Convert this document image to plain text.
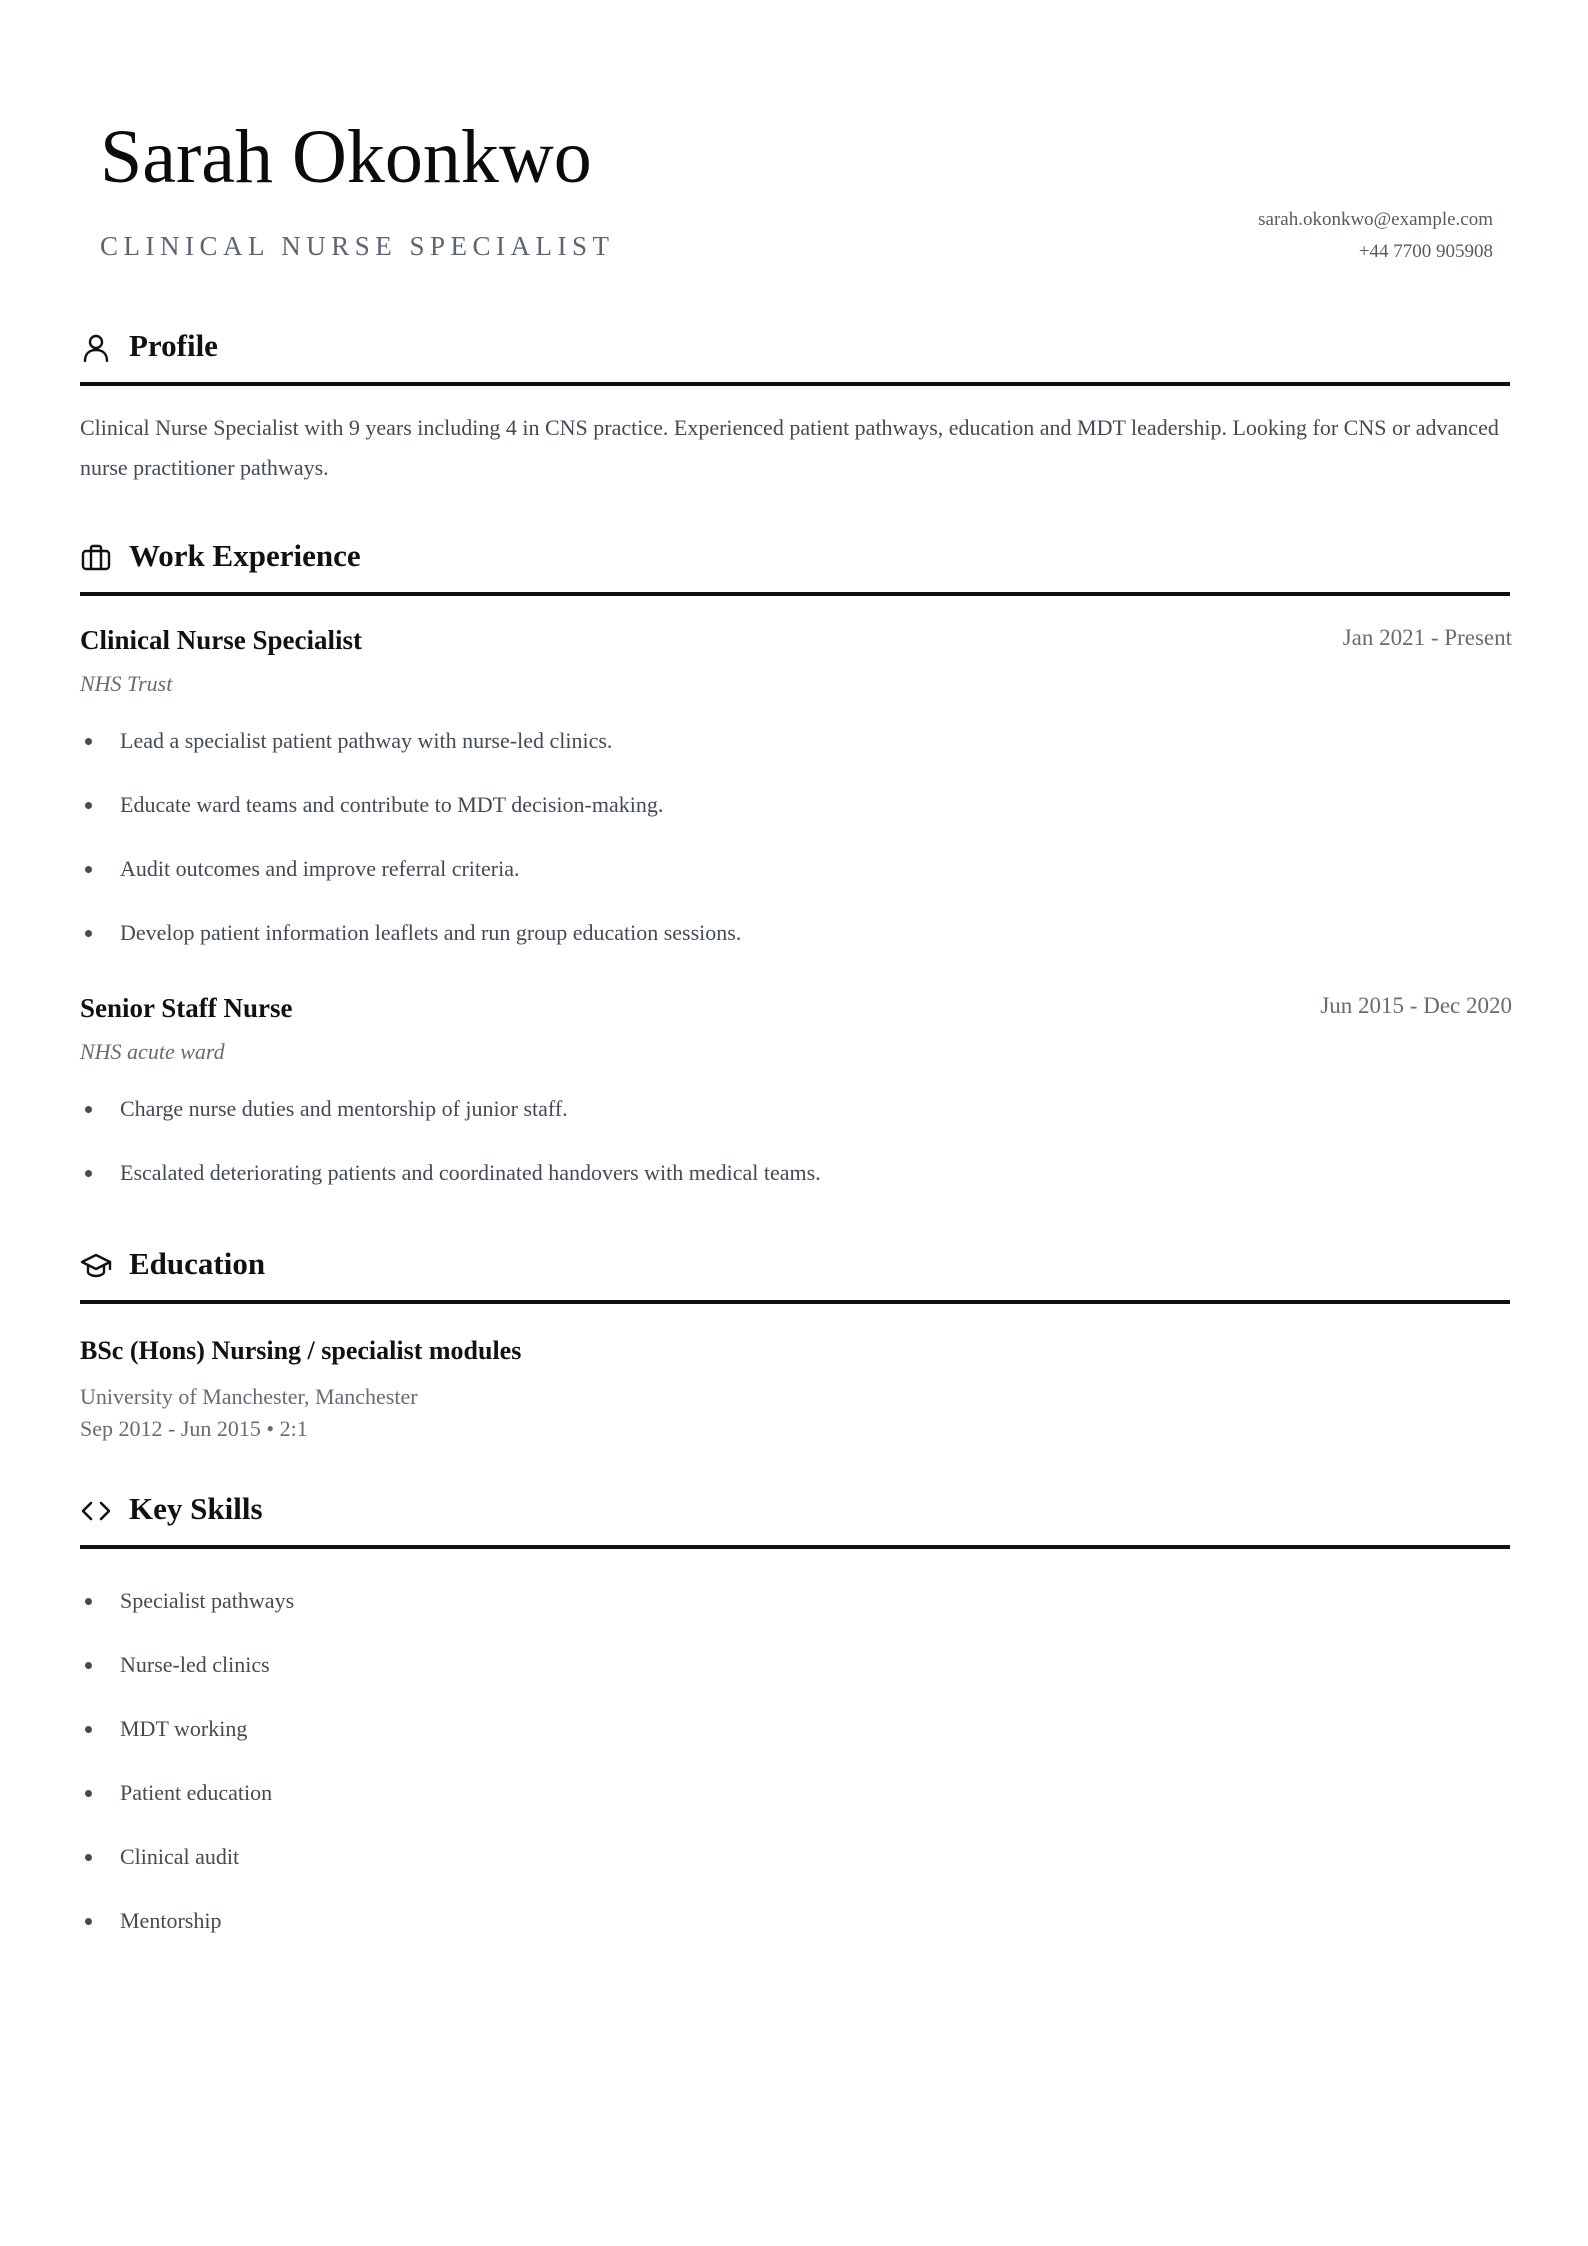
Sarah Okonkwo
CLINICAL NURSE SPECIALIST
sarah.okonkwo@example.com
+44 7700 905908
Profile
Clinical Nurse Specialist with 9 years including 4 in CNS practice. Experienced patient pathways, education and MDT leadership. Looking for CNS or advanced nurse practitioner pathways.
Work Experience
Clinical Nurse Specialist	Jan 2021 - Present
NHS Trust
Lead a specialist patient pathway with nurse-led clinics.
Educate ward teams and contribute to MDT decision-making.
Audit outcomes and improve referral criteria.
Develop patient information leaflets and run group education sessions.
Senior Staff Nurse	Jun 2015 - Dec 2020
NHS acute ward
Charge nurse duties and mentorship of junior staff.
Escalated deteriorating patients and coordinated handovers with medical teams.
Education
BSc (Hons) Nursing / specialist modules
University of Manchester, Manchester
Sep 2012 - Jun 2015 • 2:1
Key Skills
Specialist pathways
Nurse-led clinics
MDT working
Patient education
Clinical audit
Mentorship
